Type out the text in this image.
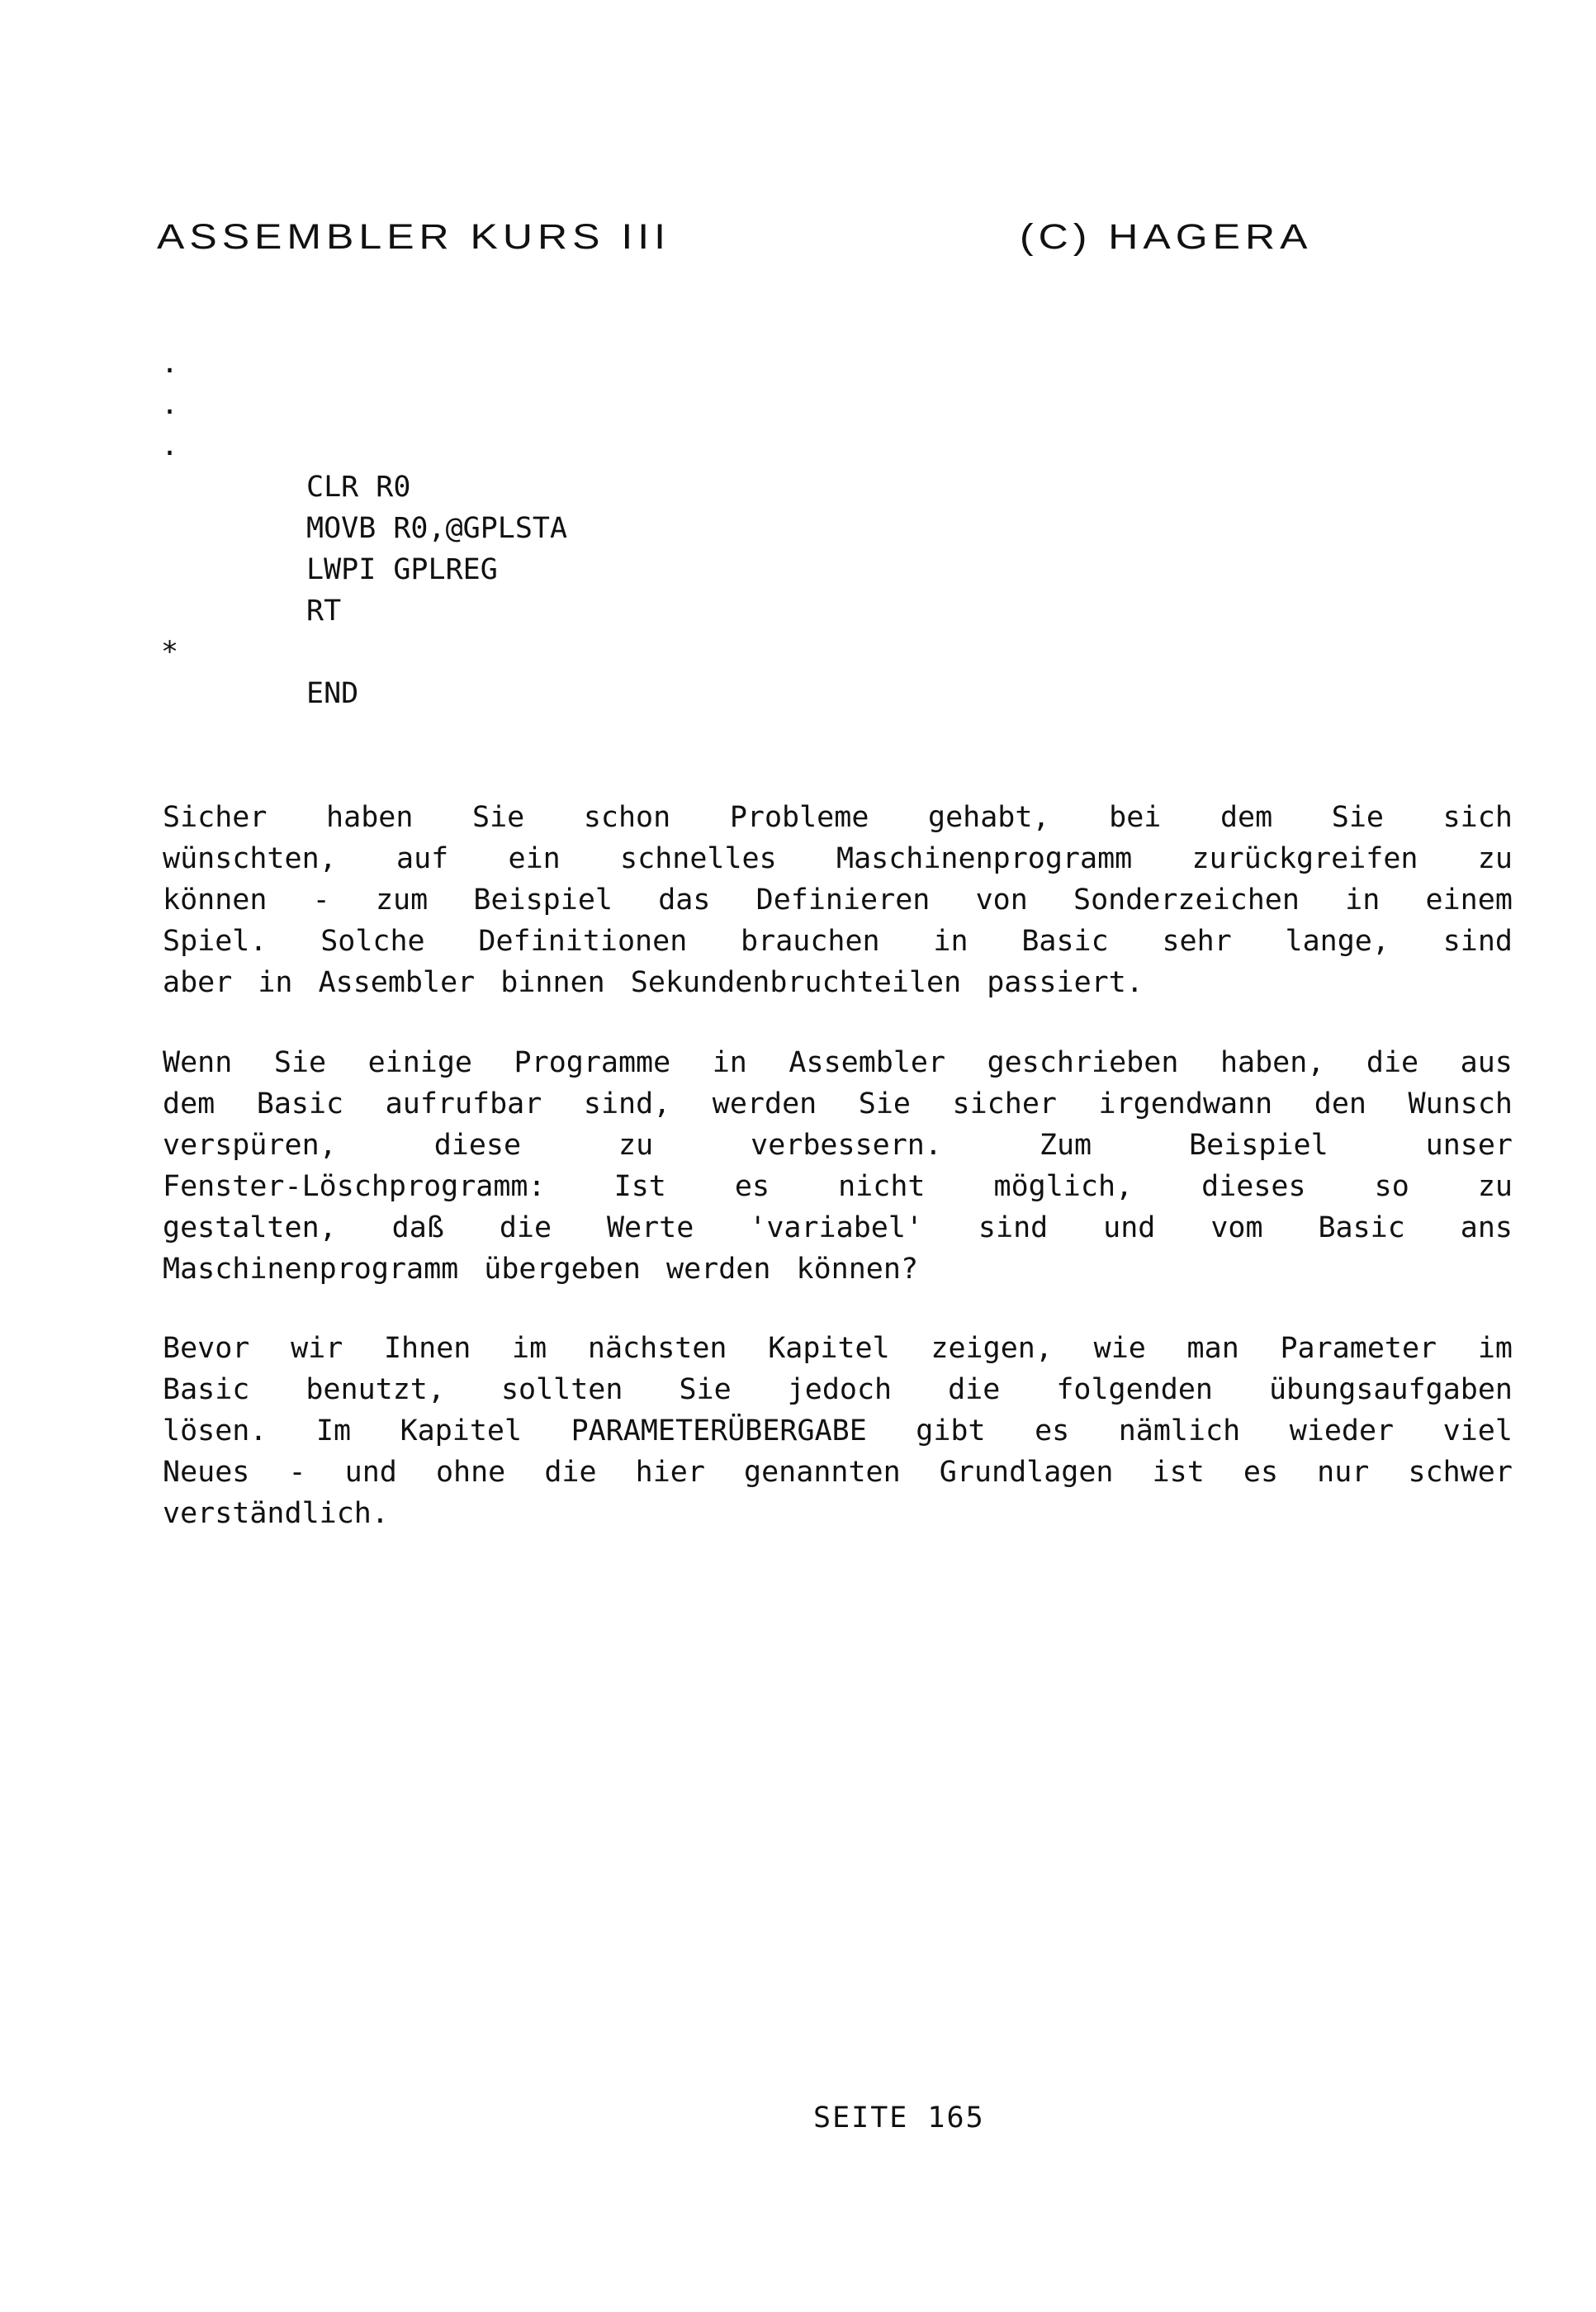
ASSEMBLER KURS III	(C) HAGERA
.
.
.
CLR R0
MOVB R0,@GPLSTA
LWPI GPLREG
RT
*
END
Sicher haben Sie schon Probleme gehabt, bei dem Sie sich
wünschten, auf ein schnelles Maschinenprogramm zurückgreifen zu
können - zum Beispiel das Definieren von Sonderzeichen in einem
Spiel. Solche Definitionen brauchen in Basic sehr lange, sind
aber in Assembler binnen Sekundenbruchteilen passiert.
Wenn Sie einige Programme in Assembler geschrieben haben, die aus
dem Basic aufrufbar sind, werden Sie sicher irgendwann den Wunsch
verspüren,	diese	zu	verbessern.	Zum	Beispiel	unser
Fenster-Löschprogramm: Ist es nicht möglich, dieses so zu
gestalten, daß die Werte 'variabel' sind und vom Basic ans
Maschinenprogramm übergeben werden können?
Bevor wir Ihnen im nächsten Kapitel zeigen, wie man Parameter im
Basic benutzt, sollten Sie jedoch die folgenden übungsaufgaben
lösen. Im Kapitel PARAMETERÜBERGABE gibt es nämlich wieder viel
Neues - und ohne die hier genannten Grundlagen ist es nur schwer
verständlich.
SEITE 165
